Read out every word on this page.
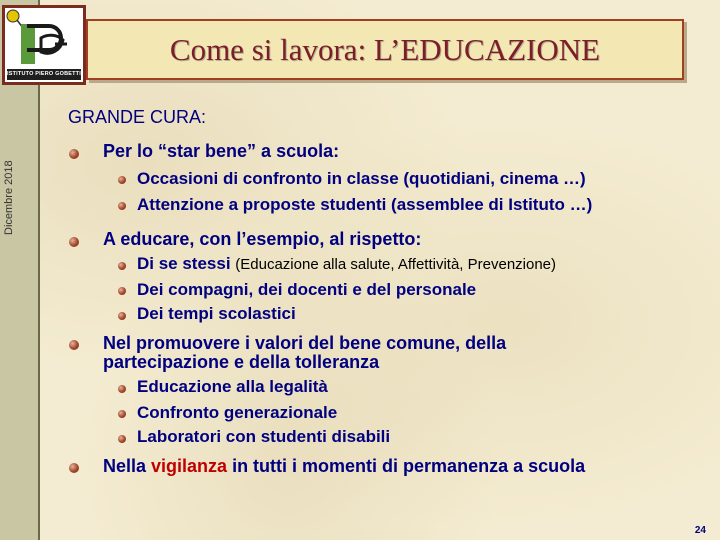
Dicembre 2018
ISTITUTO PIERO GOBETTI
Come si lavora: L’EDUCAZIONE
GRANDE CURA:
Per lo “star bene” a scuola:
Occasioni di confronto in classe (quotidiani, cinema …)
Attenzione a proposte studenti (assemblee di Istituto …)
A educare, con l’esempio, al rispetto:
Di se stessi (Educazione alla salute, Affettività, Prevenzione)
Dei compagni, dei docenti e del personale
Dei tempi scolastici
Nel promuovere i valori del bene comune, della
partecipazione e della tolleranza
Educazione alla legalità
Confronto generazionale
Laboratori con studenti disabili
Nella vigilanza in tutti i momenti di permanenza a scuola
24
